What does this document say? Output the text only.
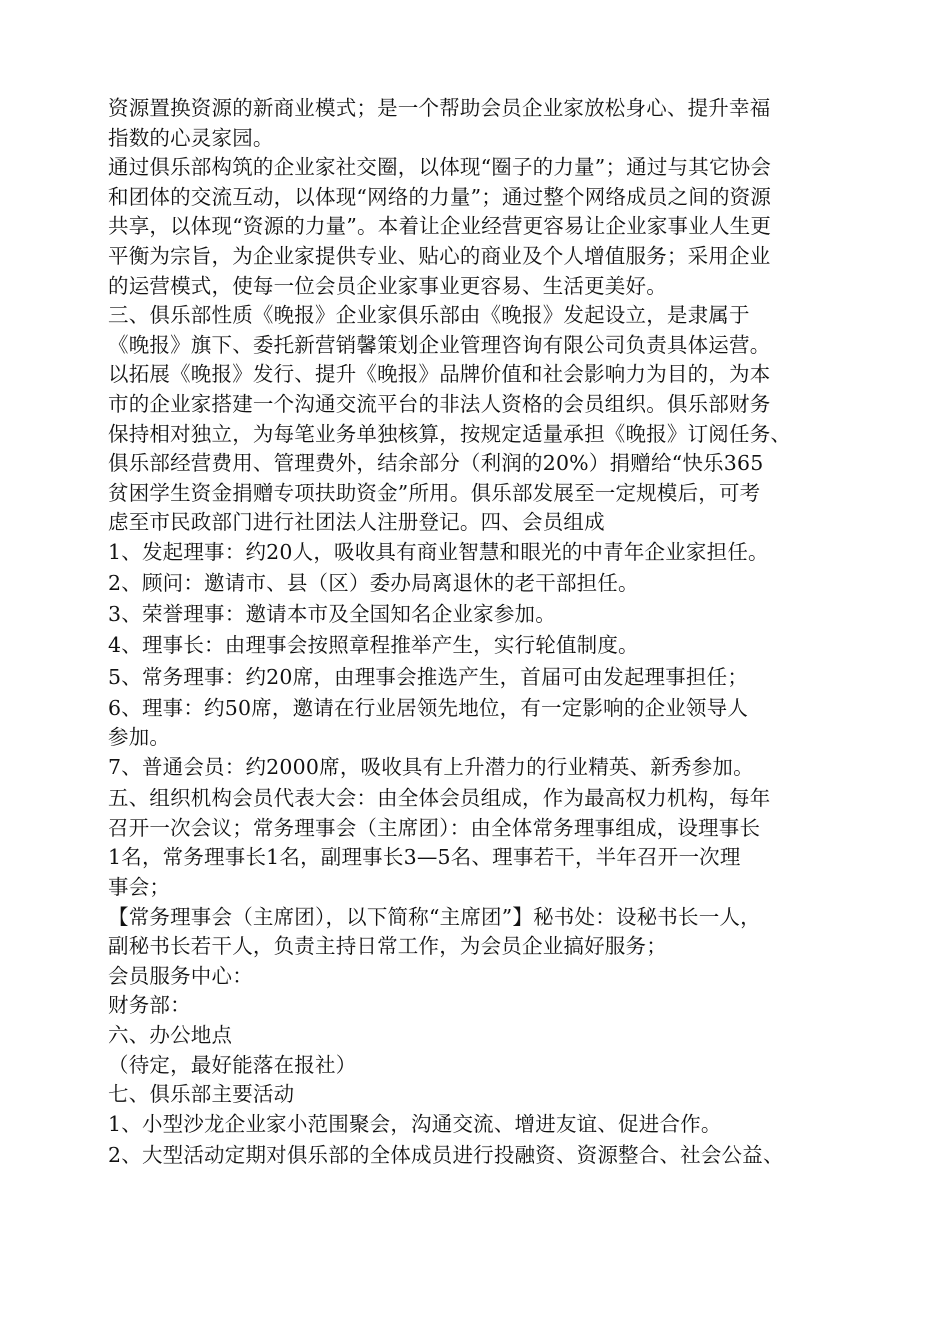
资源置换资源的新商业模式；是一个帮助会员企业家放松身心、提升幸福
指数的心灵家园。
通过俱乐部构筑的企业家社交圈，以体现“圈子的力量”；通过与其它协会
和团体的交流互动，以体现“网络的力量”；通过整个网络成员之间的资源
共享，以体现“资源的力量”。本着让企业经营更容易让企业家事业人生更
平衡为宗旨，为企业家提供专业、贴心的商业及个人增值服务；采用企业
的运营模式，使每一位会员企业家事业更容易、生活更美好。
三、俱乐部性质《晚报》企业家俱乐部由《晚报》发起设立，是隶属于
《晚报》旗下、委托新营销馨策划企业管理咨询有限公司负责具体运营。
以拓展《晚报》发行、提升《晚报》品牌价值和社会影响力为目的，为本
市的企业家搭建一个沟通交流平台的非法人资格的会员组织。俱乐部财务
保持相对独立，为每笔业务单独核算，按规定适量承担《晚报》订阅任务、
俱乐部经营费用、管理费外，结余部分（利润的20%）捐赠给“快乐365
贫困学生资金捐赠专项扶助资金”所用。俱乐部发展至一定规模后，可考
虑至市民政部门进行社团法人注册登记。四、会员组成
1、发起理事：约20人，吸收具有商业智慧和眼光的中青年企业家担任。
2、顾问：邀请市、县（区）委办局离退休的老干部担任。
3、荣誉理事：邀请本市及全国知名企业家参加。
4、理事长：由理事会按照章程推举产生，实行轮值制度。
5、常务理事：约20席，由理事会推选产生，首届可由发起理事担任；
6、理事：约50席，邀请在行业居领先地位，有一定影响的企业领导人
参加。
7、普通会员：约2000席，吸收具有上升潜力的行业精英、新秀参加。
五、组织机构会员代表大会：由全体会员组成，作为最高权力机构，每年
召开一次会议；常务理事会（主席团）：由全体常务理事组成，设理事长
1名，常务理事长1名，副理事长3—5名、理事若干，半年召开一次理
事会；
【常务理事会（主席团），以下简称“主席团”】秘书处：设秘书长一人，
副秘书长若干人，负责主持日常工作，为会员企业搞好服务；
会员服务中心：
财务部：
六、办公地点
（待定，最好能落在报社）
七、俱乐部主要活动
1、小型沙龙企业家小范围聚会，沟通交流、增进友谊、促进合作。
2、大型活动定期对俱乐部的全体成员进行投融资、资源整合、社会公益、
